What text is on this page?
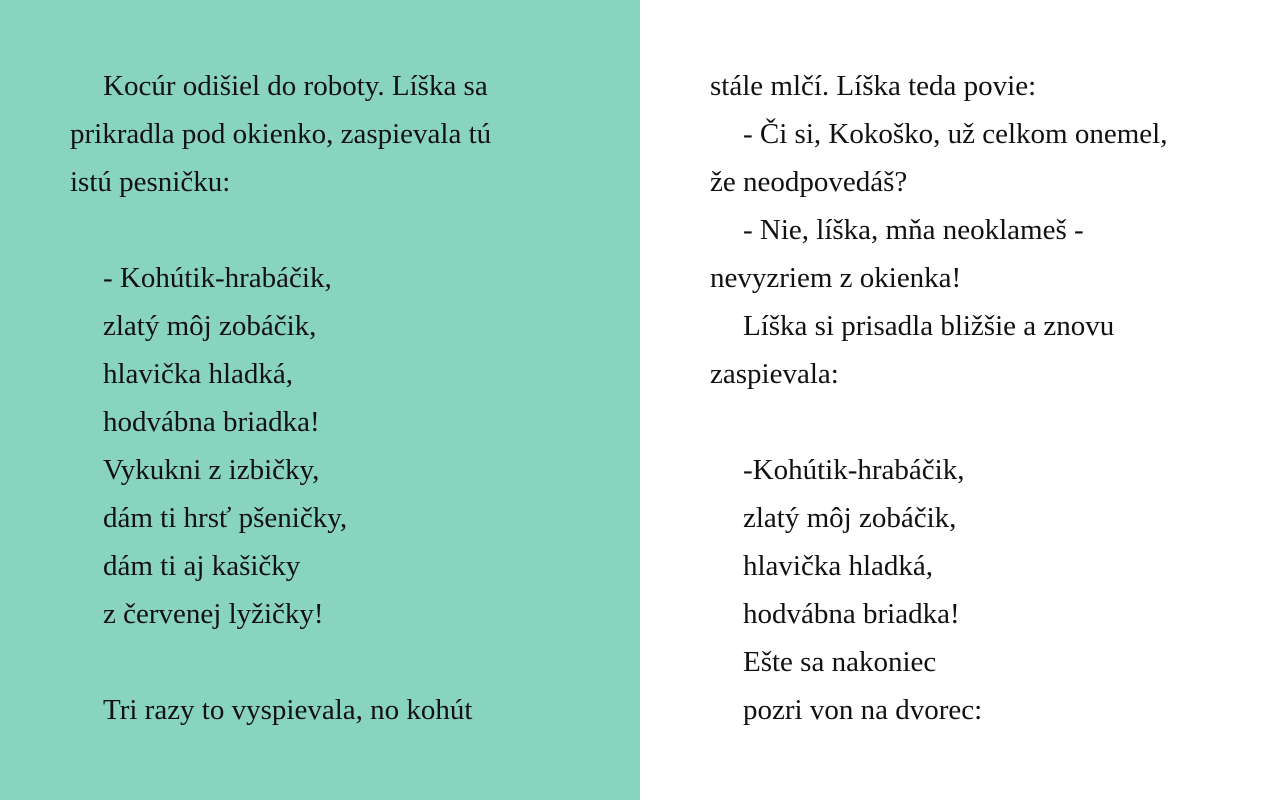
Kocúr odišiel do roboty. Líška sa
prikradla pod okienko, zaspievala tú
istú pesničku:
- Kohútik-hrabáčik,
zlatý môj zobáčik,
hlavička hladká,
hodvábna briadka!
Vykukni z izbičky,
dám ti hrsť pšeničky,
dám ti aj kašičky
z červenej lyžičky!
Tri razy to vyspievala, no kohút
stále mlčí. Líška teda povie:
- Či si, Kokoško, už celkom onemel,
že neodpovedáš?
- Nie, líška, mňa neoklameš -
nevyzriem z okienka!
Líška si prisadla bližšie a znovu
zaspievala:
-Kohútik-hrabáčik,
zlatý môj zobáčik,
hlavička hladká,
hodvábna briadka!
Ešte sa nakoniec
pozri von na dvorec:
